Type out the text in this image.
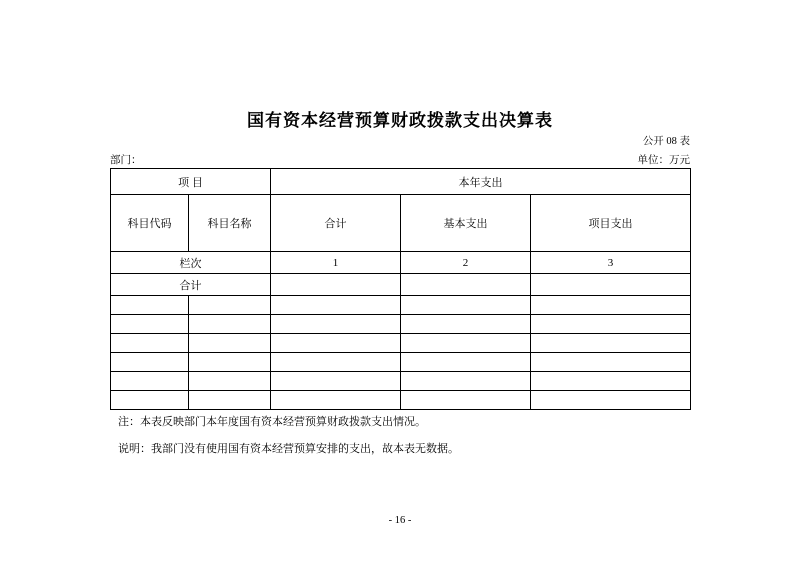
国有资本经营预算财政拨款支出决算表
公开 08 表
部门：	单位：万元
项 目		本年支出		
科目代码	科目名称	合计	基本支出	项目支出
栏次		1	2	3
合计				

注：本表反映部门本年度国有资本经营预算财政拨款支出情况。
说明：我部门没有使用国有资本经营预算安排的支出，故本表无数据。
- 16 -
